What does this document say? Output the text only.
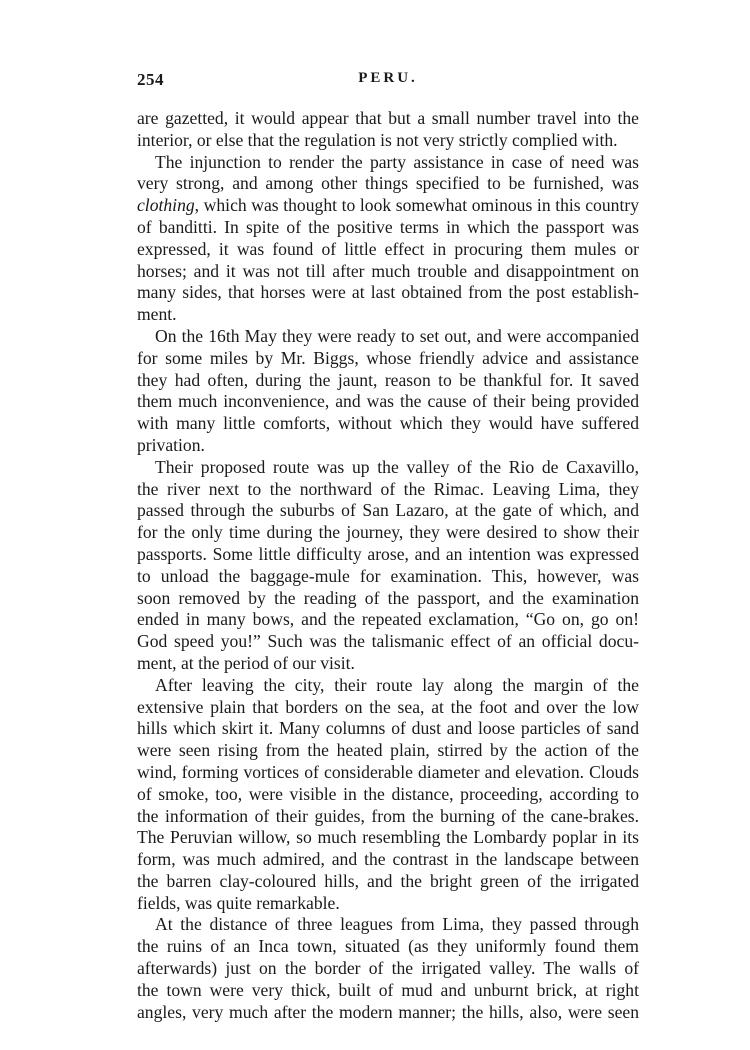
254	PERU.
are gazetted, it would appear that but a small number travel into the
interior, or else that the regulation is not very strictly complied with.
The injunction to render the party assistance in case of need was
very strong, and among other things specified to be furnished, was
clothing, which was thought to look somewhat ominous in this country
of banditti. In spite of the positive terms in which the passport was
expressed, it was found of little effect in procuring them mules or
horses; and it was not till after much trouble and disappointment on
many sides, that horses were at last obtained from the post establish-
ment.
On the 16th May they were ready to set out, and were accompanied
for some miles by Mr. Biggs, whose friendly advice and assistance
they had often, during the jaunt, reason to be thankful for. It saved
them much inconvenience, and was the cause of their being provided
with many little comforts, without which they would have suffered
privation.
Their proposed route was up the valley of the Rio de Caxavillo,
the river next to the northward of the Rimac. Leaving Lima, they
passed through the suburbs of San Lazaro, at the gate of which, and
for the only time during the journey, they were desired to show their
passports. Some little difficulty arose, and an intention was expressed
to unload the baggage-mule for examination. This, however, was
soon removed by the reading of the passport, and the examination
ended in many bows, and the repeated exclamation, “Go on, go on!
God speed you!” Such was the talismanic effect of an official docu-
ment, at the period of our visit.
After leaving the city, their route lay along the margin of the
extensive plain that borders on the sea, at the foot and over the low
hills which skirt it. Many columns of dust and loose particles of sand
were seen rising from the heated plain, stirred by the action of the
wind, forming vortices of considerable diameter and elevation. Clouds
of smoke, too, were visible in the distance, proceeding, according to
the information of their guides, from the burning of the cane-brakes.
The Peruvian willow, so much resembling the Lombardy poplar in its
form, was much admired, and the contrast in the landscape between
the barren clay-coloured hills, and the bright green of the irrigated
fields, was quite remarkable.
At the distance of three leagues from Lima, they passed through
the ruins of an Inca town, situated (as they uniformly found them
afterwards) just on the border of the irrigated valley. The walls of
the town were very thick, built of mud and unburnt brick, at right
angles, very much after the modern manner; the hills, also, were seen
